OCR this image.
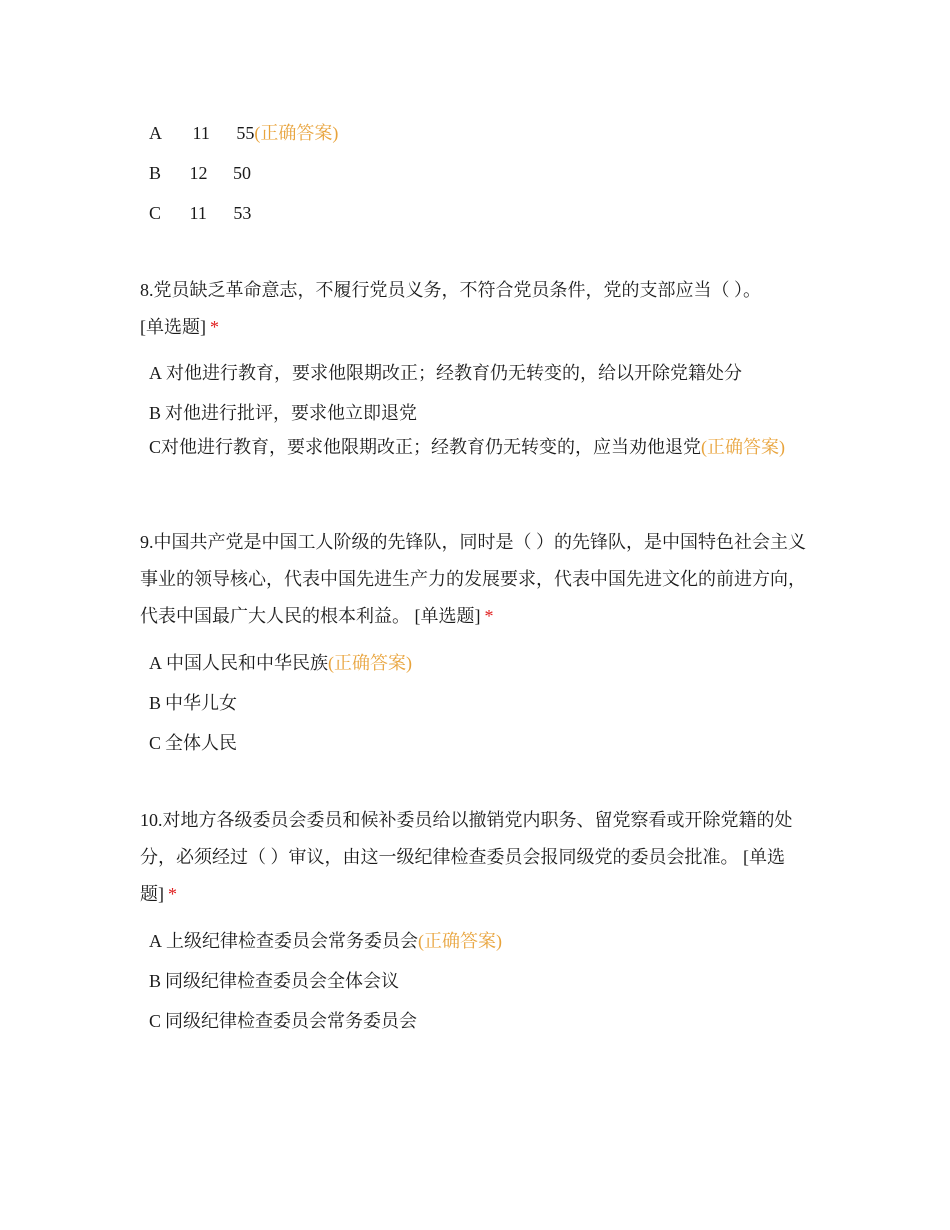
A 11 55(正确答案)
B 12 50
C 11 53
8.党员缺乏革命意志，不履行党员义务，不符合党员条件，党的支部应当（ ）。
[单选题] *
A 对他进行教育，要求他限期改正；经教育仍无转变的，给以开除党籍处分
B 对他进行批评，要求他立即退党
C对他进行教育，要求他限期改正；经教育仍无转变的，应当劝他退党(正确答案)
9.中国共产党是中国工人阶级的先锋队，同时是（ ）的先锋队，是中国特色社会主义事业的领导核心，代表中国先进生产力的发展要求，代表中国先进文化的前进方向，代表中国最广大人民的根本利益。 [单选题] *
A 中国人民和中华民族(正确答案)
B 中华儿女
C 全体人民
10.对地方各级委员会委员和候补委员给以撤销党内职务、留党察看或开除党籍的处分，必须经过（ ）审议，由这一级纪律检查委员会报同级党的委员会批准。 [单选题] *
A 上级纪律检查委员会常务委员会(正确答案)
B 同级纪律检查委员会全体会议
C 同级纪律检查委员会常务委员会
